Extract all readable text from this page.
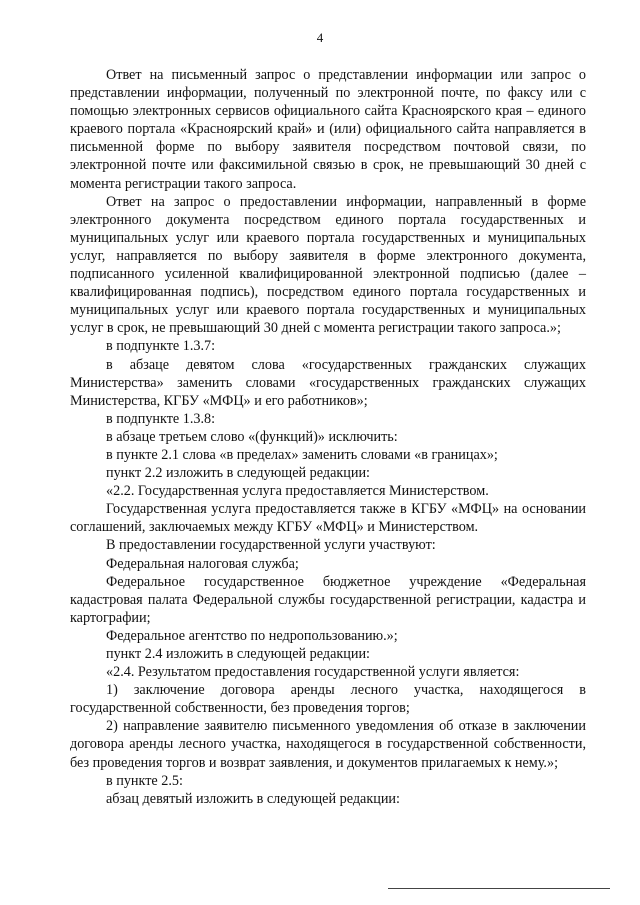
4

Ответ на письменный запрос о представлении информации или запрос о представлении информации, полученный по электронной почте, по факсу или с помощью электронных сервисов официального сайта Красноярского края – единого краевого портала «Красноярский край» и (или) официального сайта направляется в письменной форме по выбору заявителя посредством почтовой связи, по электронной почте или факсимильной связью в срок, не превышающий 30 дней с момента регистрации такого запроса.

Ответ на запрос о предоставлении информации, направленный в форме электронного документа посредством единого портала государственных и муниципальных услуг или краевого портала государственных и муниципальных услуг, направляется по выбору заявителя в форме электронного документа, подписанного усиленной квалифицированной электронной подписью (далее – квалифицированная подпись), посредством единого портала государственных и муниципальных услуг или краевого портала государственных и муниципальных услуг в срок, не превышающий 30 дней с момента регистрации такого запроса.»;

в подпункте 1.3.7:

в абзаце девятом слова «государственных гражданских служащих Министерства» заменить словами «государственных гражданских служащих Министерства, КГБУ «МФЦ» и его работников»;

в подпункте 1.3.8:

в абзаце третьем слово «(функций)» исключить:

в пункте 2.1 слова «в пределах» заменить словами «в границах»;

пункт 2.2 изложить в следующей редакции:

«2.2. Государственная услуга предоставляется Министерством.

Государственная услуга предоставляется также в КГБУ «МФЦ» на основании соглашений, заключаемых между КГБУ «МФЦ» и Министерством.

В предоставлении государственной услуги участвуют:

Федеральная налоговая служба;

Федеральное государственное бюджетное учреждение «Федеральная кадастровая палата Федеральной службы государственной регистрации, кадастра и картографии;

Федеральное агентство по недропользованию.»;

пункт 2.4 изложить в следующей редакции:

«2.4. Результатом предоставления государственной услуги является:

1) заключение договора аренды лесного участка, находящегося в государственной собственности, без проведения торгов;

2) направление заявителю письменного уведомления об отказе в заключении договора аренды лесного участка, находящегося в государственной собственности, без проведения торгов и возврат заявления, и документов прилагаемых к нему.»;

в пункте 2.5:

абзац девятый изложить в следующей редакции:
